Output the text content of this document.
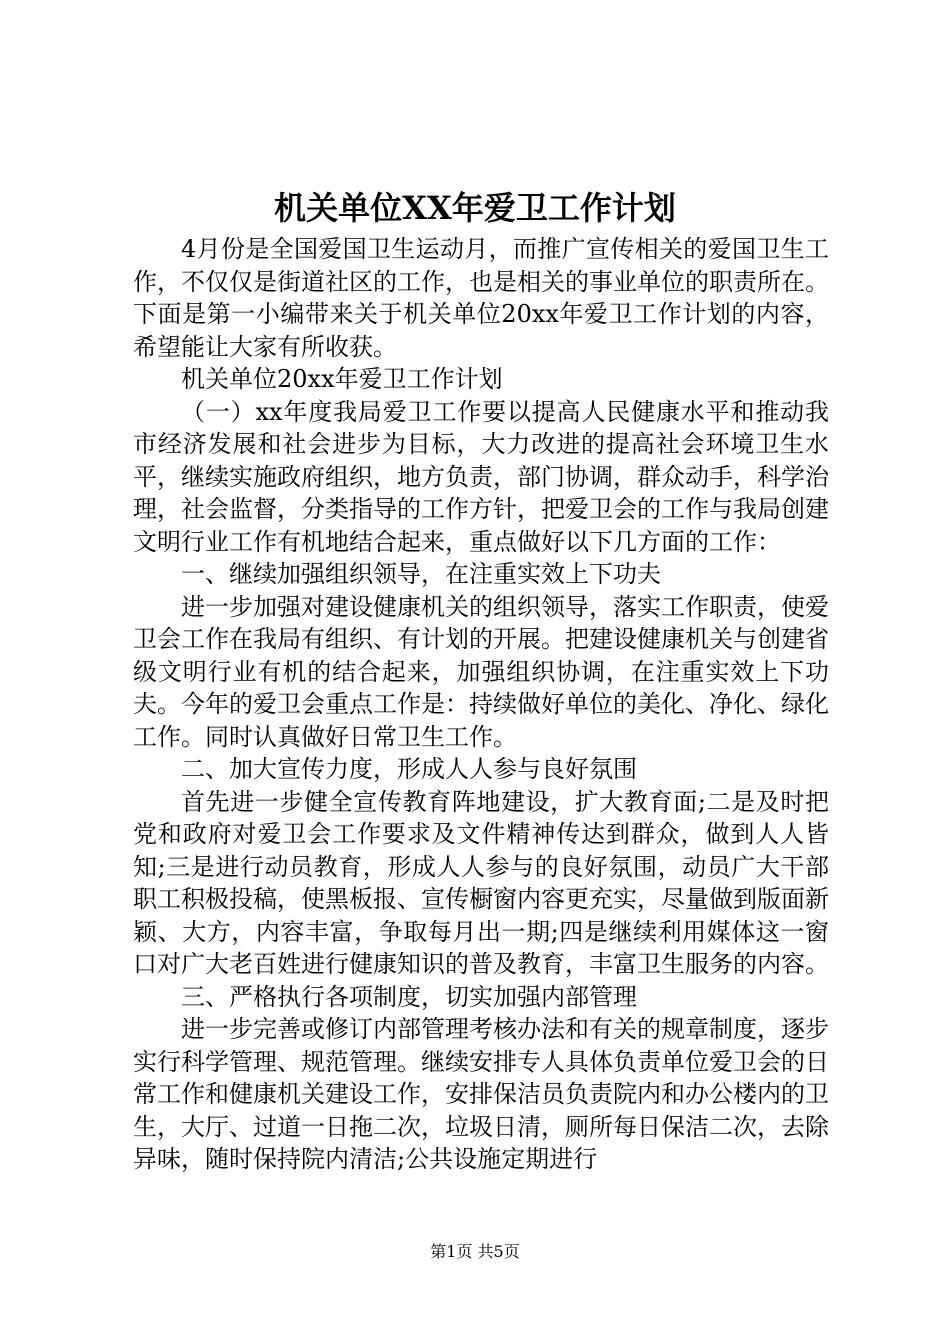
机关单位XX年爱卫工作计划

4月份是全国爱国卫生运动月，而推广宣传相关的爱国卫生工作，不仅仅是街道社区的工作，也是相关的事业单位的职责所在。下面是第一小编带来关于机关单位20xx年爱卫工作计划的内容，希望能让大家有所收获。

机关单位20xx年爱卫工作计划

（一）xx年度我局爱卫工作要以提高人民健康水平和推动我市经济发展和社会进步为目标，大力改进的提高社会环境卫生水平，继续实施政府组织，地方负责，部门协调，群众动手，科学治理，社会监督，分类指导的工作方针，把爱卫会的工作与我局创建文明行业工作有机地结合起来，重点做好以下几方面的工作：

一、继续加强组织领导，在注重实效上下功夫

进一步加强对建设健康机关的组织领导，落实工作职责，使爱卫会工作在我局有组织、有计划的开展。把建设健康机关与创建省级文明行业有机的结合起来，加强组织协调，在注重实效上下功夫。今年的爱卫会重点工作是：持续做好单位的美化、净化、绿化工作。同时认真做好日常卫生工作。

二、加大宣传力度，形成人人参与良好氛围

首先进一步健全宣传教育阵地建设，扩大教育面;二是及时把党和政府对爱卫会工作要求及文件精神传达到群众，做到人人皆知;三是进行动员教育，形成人人参与的良好氛围，动员广大干部职工积极投稿，使黑板报、宣传橱窗内容更充实，尽量做到版面新颖、大方，内容丰富，争取每月出一期;四是继续利用媒体这一窗口对广大老百姓进行健康知识的普及教育，丰富卫生服务的内容。

三、严格执行各项制度，切实加强内部管理

进一步完善或修订内部管理考核办法和有关的规章制度，逐步实行科学管理、规范管理。继续安排专人具体负责单位爱卫会的日常工作和健康机关建设工作，安排保洁员负责院内和办公楼内的卫生，大厅、过道一日拖二次，垃圾日清，厕所每日保洁二次，去除异味，随时保持院内清洁;公共设施定期进行

第1页 共5页
